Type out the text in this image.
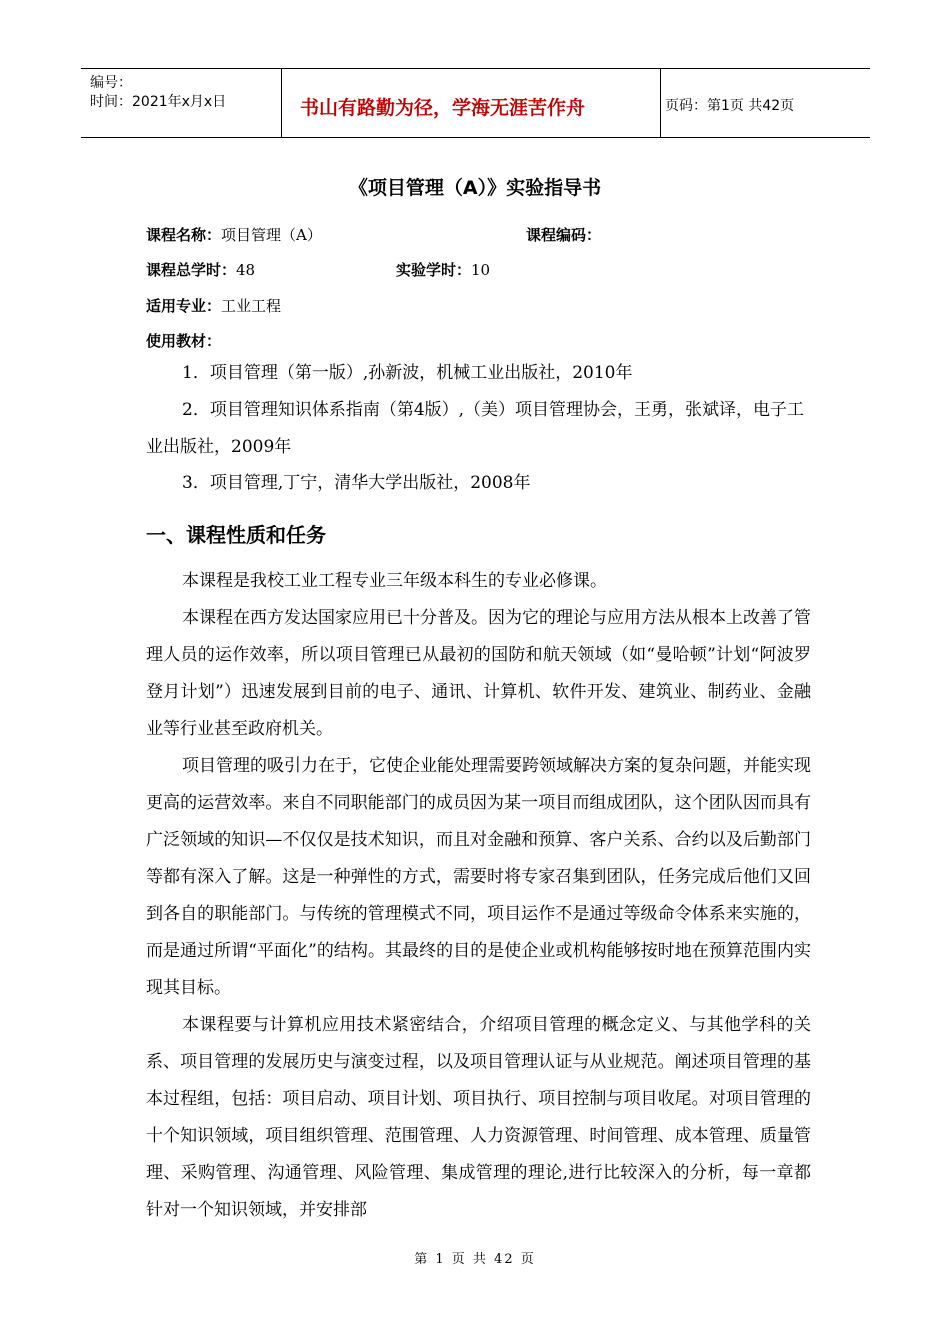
编号：
时间：2021年x月x日	书山有路勤为径，学海无涯苦作舟	页码：第1页 共42页
《项目管理（A）》实验指导书
课程名称：项目管理（A）	课程编码：
课程总学时：48	实验学时：10
适用专业：工业工程
使用教材：
1．项目管理（第一版）,孙新波，机械工业出版社，2010年
2．项目管理知识体系指南（第4版）,（美）项目管理协会，王勇，张斌译，电子工业出版社，2009年
3．项目管理,丁宁，清华大学出版社，2008年
一、课程性质和任务
本课程是我校工业工程专业三年级本科生的专业必修课。
本课程在西方发达国家应用已十分普及。因为它的理论与应用方法从根本上改善了管理人员的运作效率，所以项目管理已从最初的国防和航天领域（如“曼哈顿”计划“阿波罗登月计划”）迅速发展到目前的电子、通讯、计算机、软件开发、建筑业、制药业、金融业等行业甚至政府机关。
项目管理的吸引力在于，它使企业能处理需要跨领域解决方案的复杂问题，并能实现更高的运营效率。来自不同职能部门的成员因为某一项目而组成团队，这个团队因而具有广泛领域的知识—不仅仅是技术知识，而且对金融和预算、客户关系、合约以及后勤部门等都有深入了解。这是一种弹性的方式，需要时将专家召集到团队，任务完成后他们又回到各自的职能部门。与传统的管理模式不同，项目运作不是通过等级命令体系来实施的，而是通过所谓“平面化”的结构。其最终的目的是使企业或机构能够按时地在预算范围内实现其目标。
本课程要与计算机应用技术紧密结合，介绍项目管理的概念定义、与其他学科的关系、项目管理的发展历史与演变过程，以及项目管理认证与从业规范。阐述项目管理的基本过程组，包括：项目启动、项目计划、项目执行、项目控制与项目收尾。对项目管理的十个知识领域，项目组织管理、范围管理、人力资源管理、时间管理、成本管理、质量管理、采购管理、沟通管理、风险管理、集成管理的理论,进行比较深入的分析，每一章都针对一个知识领域，并安排部
第 1 页 共 42 页
